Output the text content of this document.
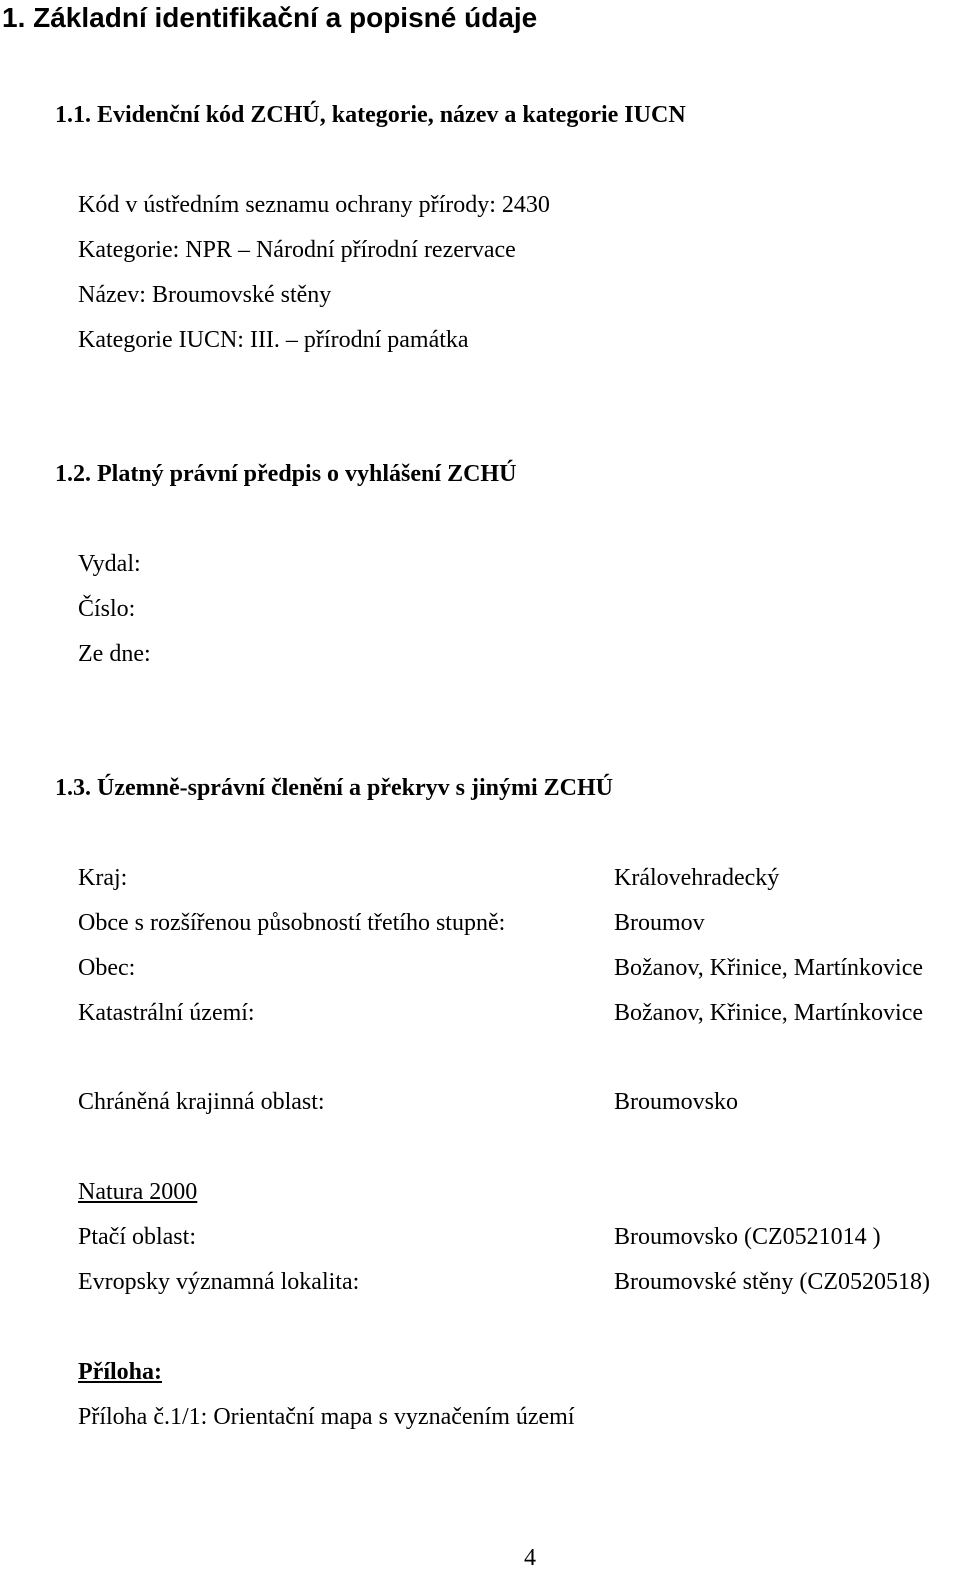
1. Základní identifikační a popisné údaje
1.1. Evidenční kód ZCHÚ, kategorie, název a kategorie IUCN
Kód v ústředním seznamu ochrany přírody: 2430
Kategorie: NPR – Národní přírodní rezervace
Název: Broumovské stěny
Kategorie IUCN: III. – přírodní památka
1.2. Platný právní předpis o vyhlášení ZCHÚ
Vydal:
Číslo:
Ze dne:
1.3. Územně-správní členění a překryv s jinými ZCHÚ
Kraj:	Královehradecký
Obce s rozšířenou působností třetího stupně:	Broumov
Obec:	Božanov, Křinice, Martínkovice
Katastrální území:	Božanov, Křinice, Martínkovice
Chráněná krajinná oblast:	Broumovsko
Natura 2000
Ptačí oblast:	Broumovsko (CZ0521014 )
Evropsky významná lokalita:	Broumovské stěny (CZ0520518)
Příloha:
Příloha č.1/1: Orientační mapa s vyznačením území
4
